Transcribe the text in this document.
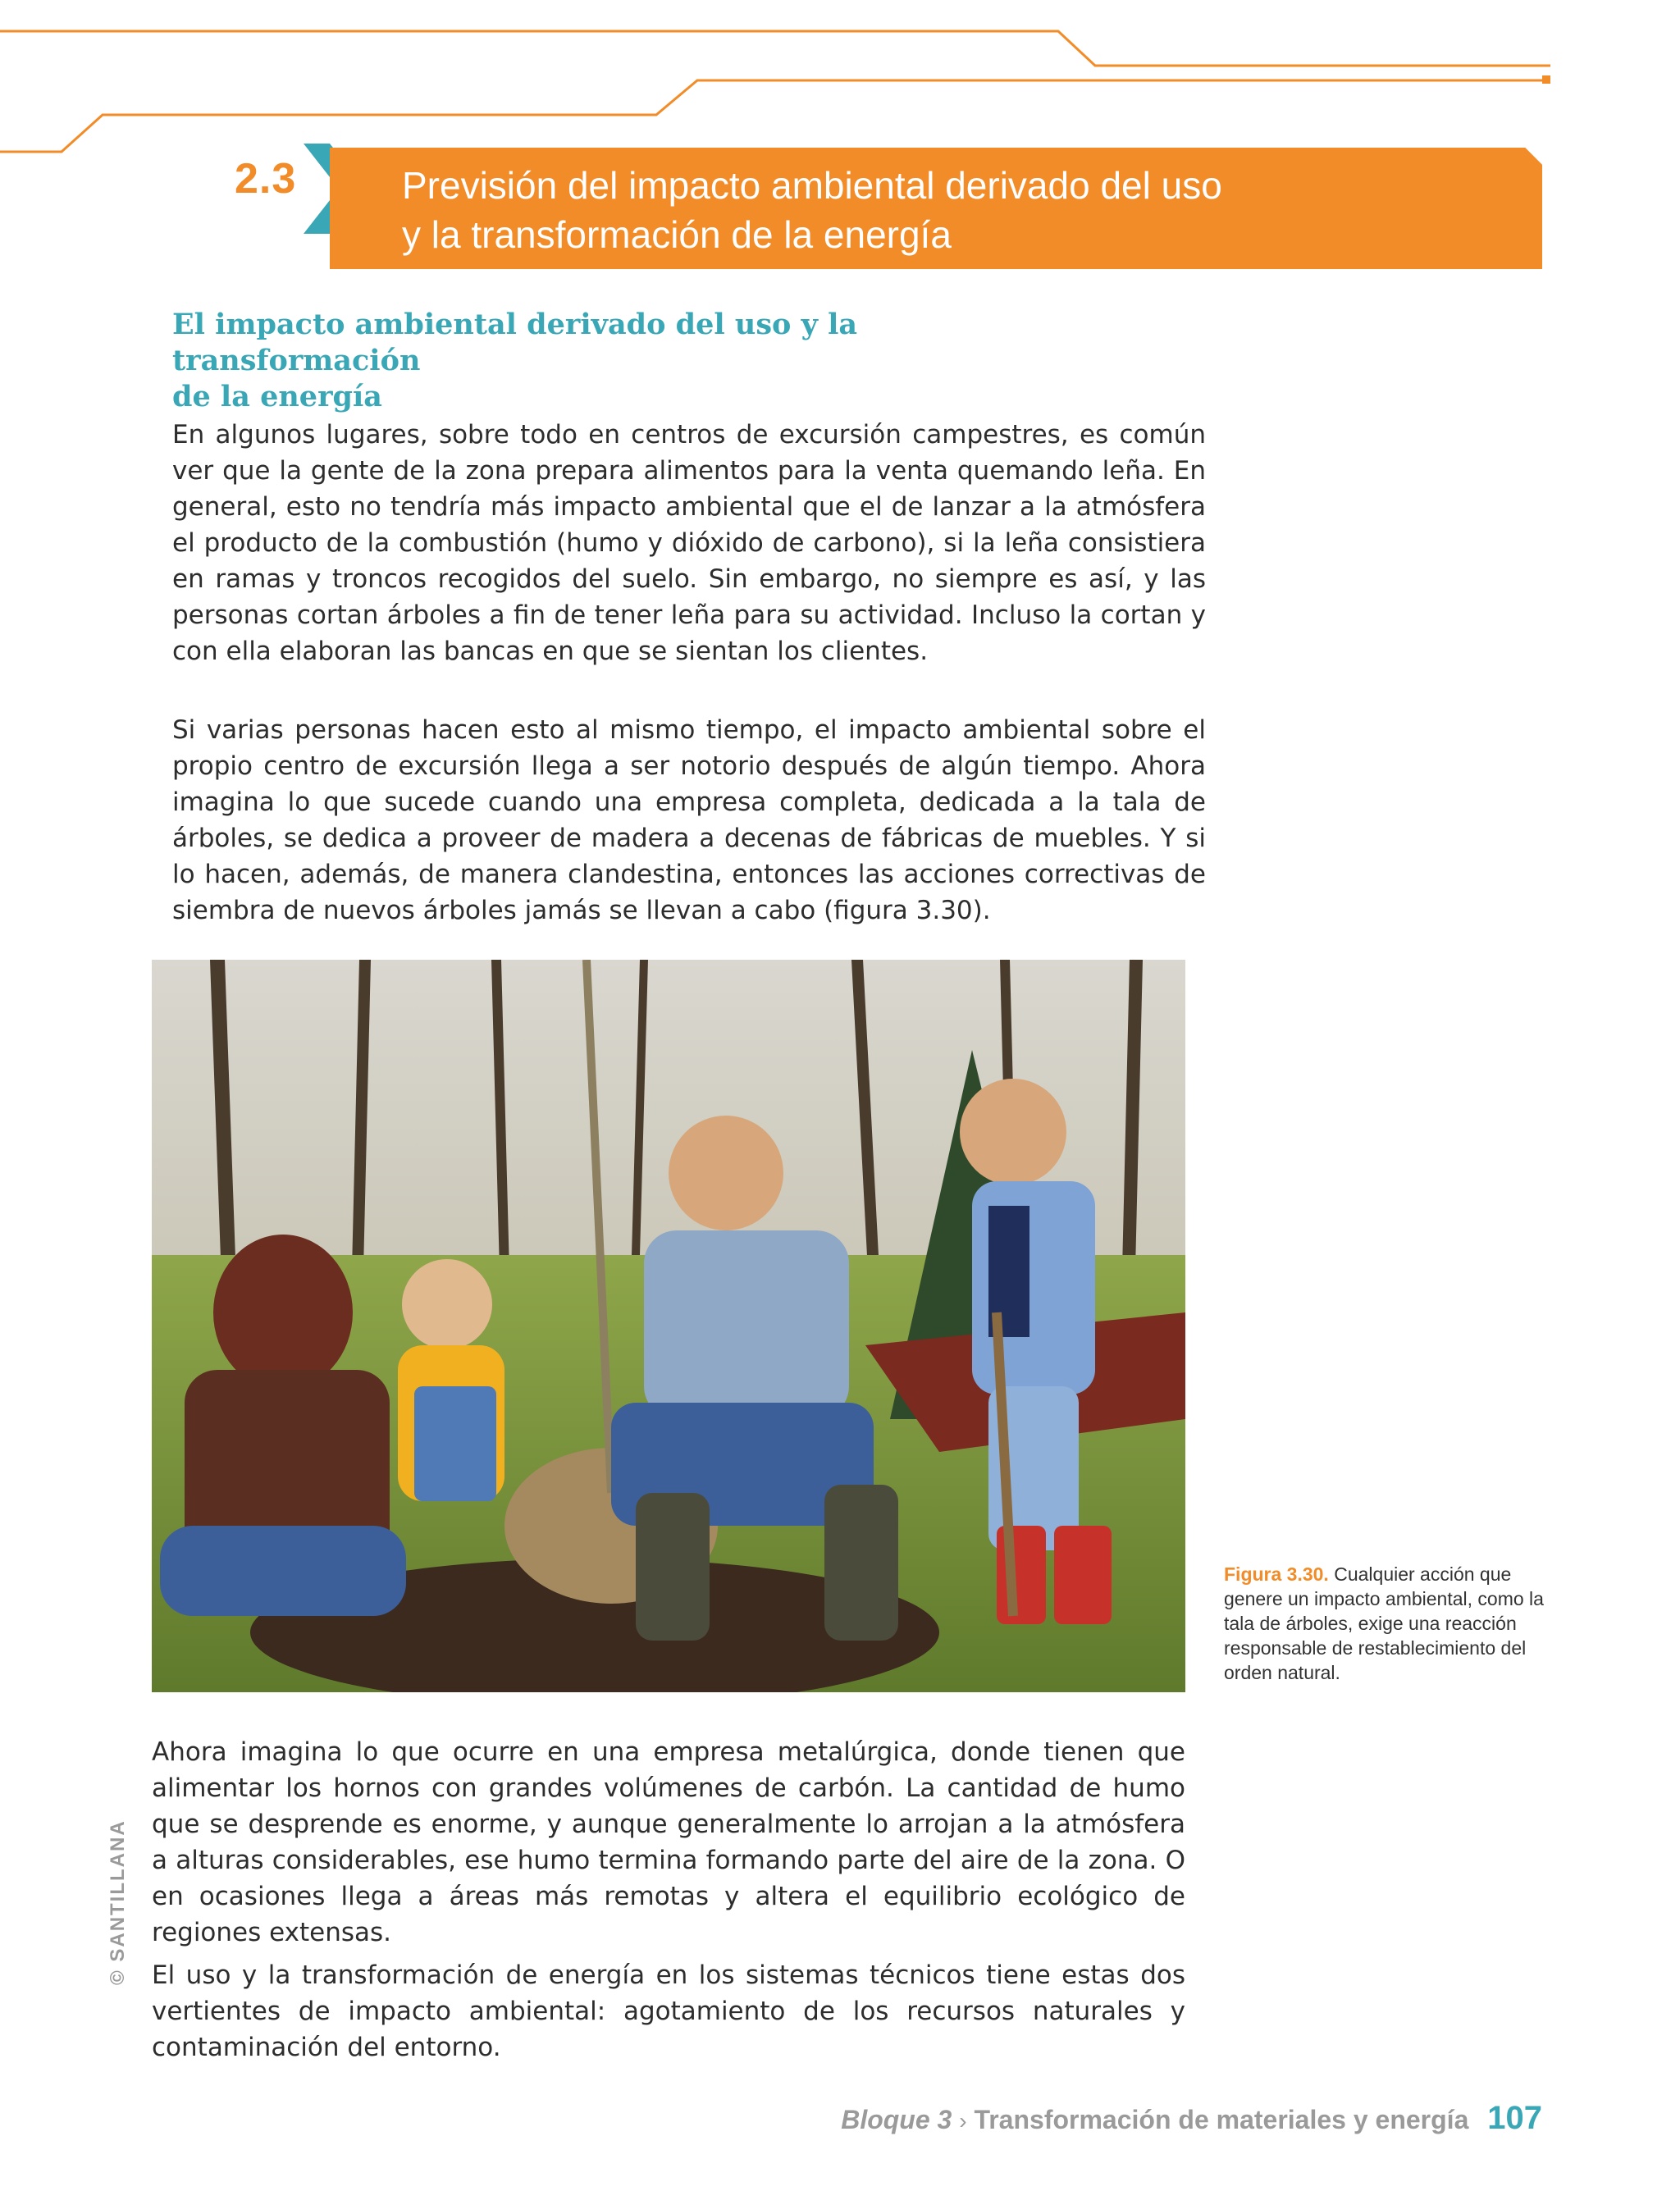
2.3	Previsión del impacto ambiental derivado del uso
y la transformación de la energía
El impacto ambiental derivado del uso y la transformación
de la energía

En algunos lugares, sobre todo en centros de excursión campestres, es común ver que la gente de la zona prepara alimentos para la venta quemando leña. En general, esto no tendría más impacto ambiental que el de lanzar a la atmósfera el producto de la combustión (humo y dióxido de carbono), si la leña consistiera en ramas y troncos recogidos del suelo. Sin embargo, no siempre es así, y las personas cortan árboles a fin de tener leña para su actividad. Incluso la cortan y con ella elaboran las bancas en que se sientan los clientes.

Si varias personas hacen esto al mismo tiempo, el impacto ambiental sobre el propio centro de excursión llega a ser notorio después de algún tiempo. Ahora imagina lo que sucede cuando una empresa completa, dedicada a la tala de árboles, se dedica a proveer de madera a decenas de fábricas de muebles. Y si lo hacen, además, de manera clandestina, entonces las acciones correctivas de siembra de nuevos árboles jamás se llevan a cabo (figura 3.30).

Figura 3.30. Cualquier acción que genere un impacto ambiental, como la tala de árboles, exige una reacción responsable de restablecimiento del orden natural.

Ahora imagina lo que ocurre en una empresa metalúrgica, donde tienen que alimentar los hornos con grandes volúmenes de carbón. La cantidad de humo que se desprende es enorme, y aunque generalmente lo arrojan a la atmósfera a alturas considerables, ese humo termina formando parte del aire de la zona. O en ocasiones llega a áreas más remotas y altera el equilibrio ecológico de regiones extensas.

El uso y la transformación de energía en los sistemas técnicos tiene estas dos vertientes de impacto ambiental: agotamiento de los recursos naturales y contaminación del entorno.

© SANTILLANA
Bloque 3 › Transformación de materiales y energía 107
